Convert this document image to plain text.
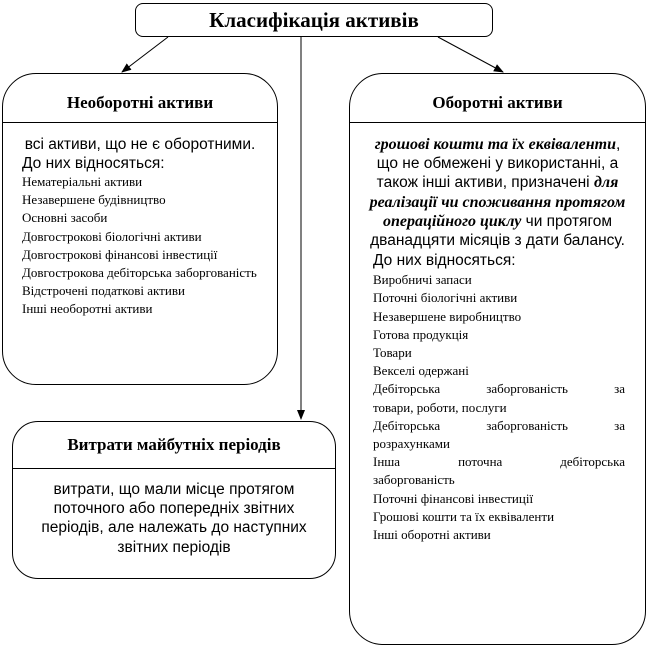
Класифікація активів
Необоротні активи
всі активи, що не є оборотними.
До них відносяться:
Нематеріальні активи
Незавершене будівництво
Основні засоби
Довгострокові біологічні активи
Довгострокові фінансові інвестиції
Довгострокова дебіторська заборгованість
Відстрочені податкові активи
Інші необоротні активи
Оборотні активи
грошові кошти та їх еквіваленти, що не обмежені у використанні, а також інші активи, призначені для реалізації чи споживання протягом операційного циклу чи протягом дванадцяти місяців з дати балансу.
До них відносяться:
Виробничі запаси
Поточні біологічні активи
Незавершене виробництво
Готова продукція
Товари
Векселі одержані
Дебіторська заборгованість за
товари, роботи, послуги
Дебіторська заборгованість за
розрахунками
Інша поточна дебіторська
заборгованість
Поточні фінансові інвестиції
Грошові кошти та їх еквіваленти
Інші оборотні активи
Витрати майбутніх періодів
витрати, що мали місце протягом поточного або попередніх звітних періодів, але належать до наступних звітних періодів
